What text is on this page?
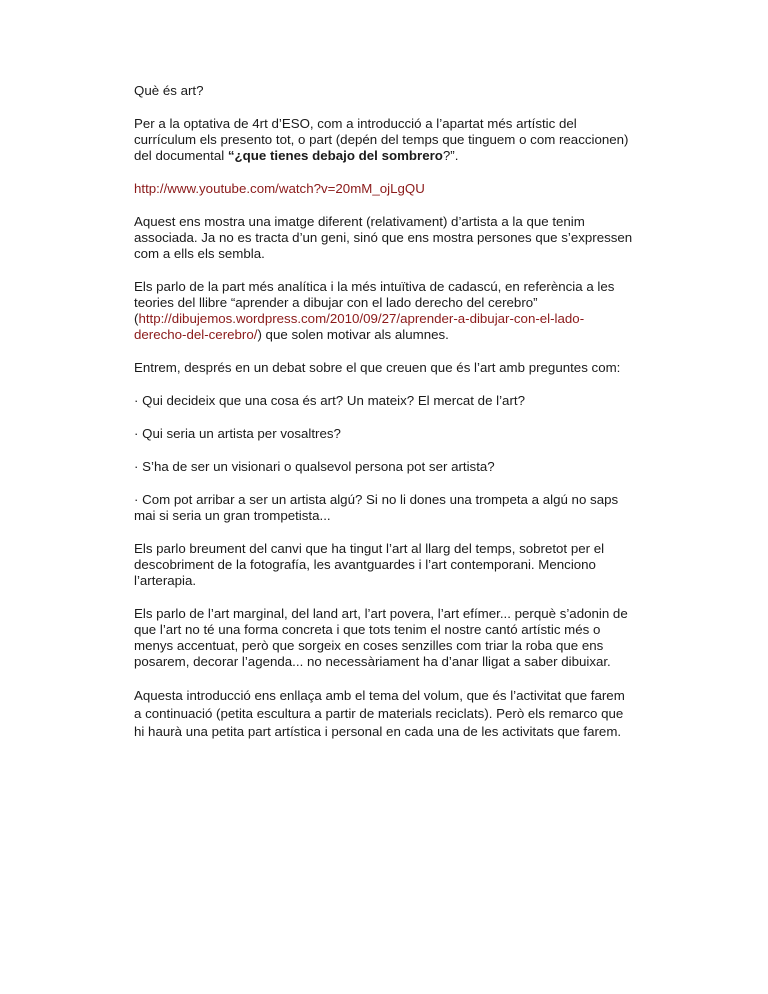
Què és art?

Per a la optativa de 4rt d’ESO, com a introducció a l’apartat més artístic del currículum els presento tot, o part (depén del temps que tinguem o com reaccionen) del documental “¿que tienes debajo del sombrero?”.

http://www.youtube.com/watch?v=20mM_ojLgQU

Aquest ens mostra una imatge diferent (relativament) d’artista a la que tenim associada. Ja no es tracta d’un geni, sinó que ens mostra persones que s’expressen com a ells els sembla.

Els parlo de la part més analítica i la més intuïtiva de cadascú, en referència a les teories del llibre “aprender a dibujar con el lado derecho del cerebro” (http://dibujemos.wordpress.com/2010/09/27/aprender-a-dibujar-con-el-lado-derecho-del-cerebro/) que solen motivar als alumnes.

Entrem, després en un debat sobre el que creuen que és l’art amb preguntes com:

· Qui decideix que una cosa és art? Un mateix? El mercat de l’art?

· Qui seria un artista per vosaltres?

· S’ha de ser un visionari o qualsevol persona pot ser artista?

· Com pot arribar a ser un artista algú? Si no li dones una trompeta a algú no saps mai si seria un gran trompetista...

Els parlo breument del canvi que ha tingut l’art al llarg del temps, sobretot per el descobriment de la fotografía, les avantguardes i l’art contemporani. Menciono l’arterapia.

Els parlo de l’art marginal, del land art, l’art povera, l’art efímer... perquè s’adonin de que l’art no té una forma concreta i que tots tenim el nostre cantó artístic més o menys accentuat, però que sorgeix en coses senzilles com triar la roba que ens posarem, decorar l’agenda... no necessàriament ha d’anar lligat a saber dibuixar.

Aquesta introducció ens enllaça amb el tema del volum, que és l’activitat que farem a continuació (petita escultura a partir de materials reciclats). Però els remarco que hi haurà una petita part artística i personal en cada una de les activitats que farem.
